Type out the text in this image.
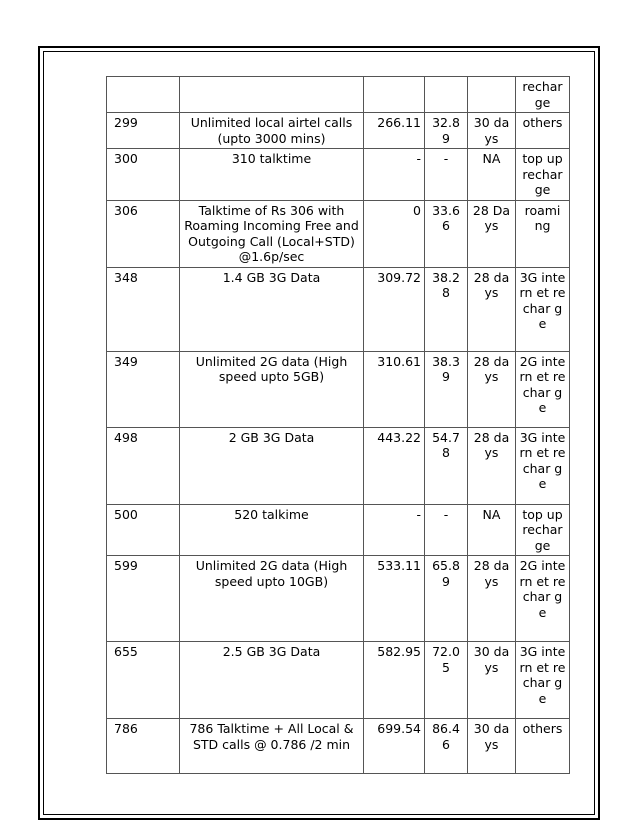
					rechar ge
299	Unlimited local airtel calls (upto 3000 mins)	266.11	32.8 9	30 days	others
300	310 talktime	-	-	NA	top up rechar ge
306	Talktime of Rs 306 with Roaming Incoming Free and Outgoing Call (Local+STD) @1.6p/sec	0	33.6 6	28 Days	roami ng
348	1.4 GB 3G Data	309.72	38.2 8	28 days	3G intern et rechar ge
349	Unlimited 2G data (High speed upto 5GB)	310.61	38.3 9	28 days	2G intern et rechar ge
498	2 GB 3G Data	443.22	54.7 8	28 days	3G intern et rechar ge
500	520 talkime	-	-	NA	top up rechar ge
599	Unlimited 2G data (High speed upto 10GB)	533.11	65.8 9	28 days	2G intern et rechar ge
655	2.5 GB 3G Data	582.95	72.0 5	30 days	3G intern et rechar ge
786	786 Talktime + All Local & STD calls @ 0.786 /2 min	699.54	86.4 6	30 days	others
